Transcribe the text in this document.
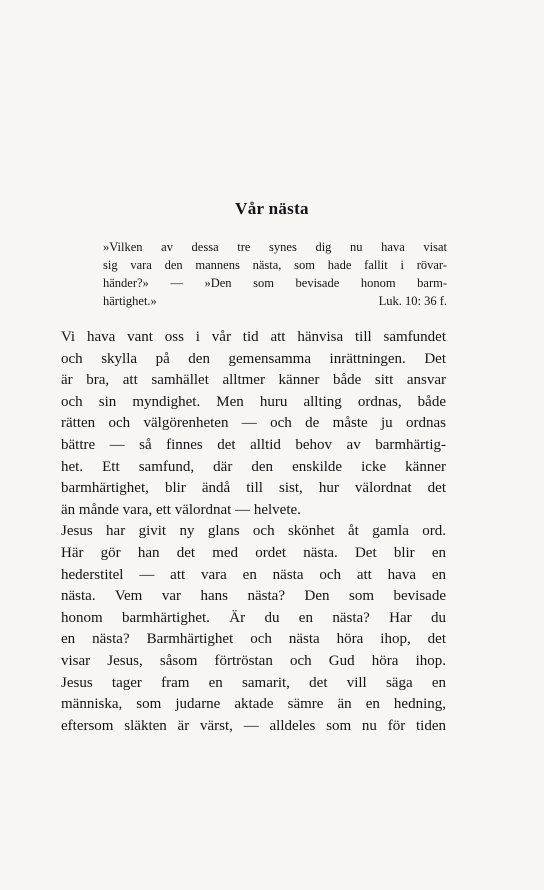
Vår nästa
»Vilken av dessa tre synes dig nu hava visat
sig vara den mannens nästa, som hade fallit i rövar-
händer?» — »Den som bevisade honom barm-
härtighet.»	Luk. 10: 36 f.
Vi hava vant oss i vår tid att hänvisa till samfundet
och skylla på den gemensamma inrättningen. Det
är bra, att samhället alltmer känner både sitt ansvar
och sin myndighet. Men huru allting ordnas, både
rätten och välgörenheten — och de måste ju ordnas
bättre — så finnes det alltid behov av barmhärtig-
het. Ett samfund, där den enskilde icke känner
barmhärtighet, blir ändå till sist, hur välordnat det
än månde vara, ett välordnat — helvete.
Jesus har givit ny glans och skönhet åt gamla ord.
Här gör han det med ordet nästa. Det blir en
hederstitel — att vara en nästa och att hava en
nästa. Vem var hans nästa? Den som bevisade
honom barmhärtighet. Är du en nästa? Har du
en nästa? Barmhärtighet och nästa höra ihop, det
visar Jesus, såsom förtröstan och Gud höra ihop.
Jesus tager fram en samarit, det vill säga en
människa, som judarne aktade sämre än en hedning,
eftersom släkten är värst, — alldeles som nu för tiden
